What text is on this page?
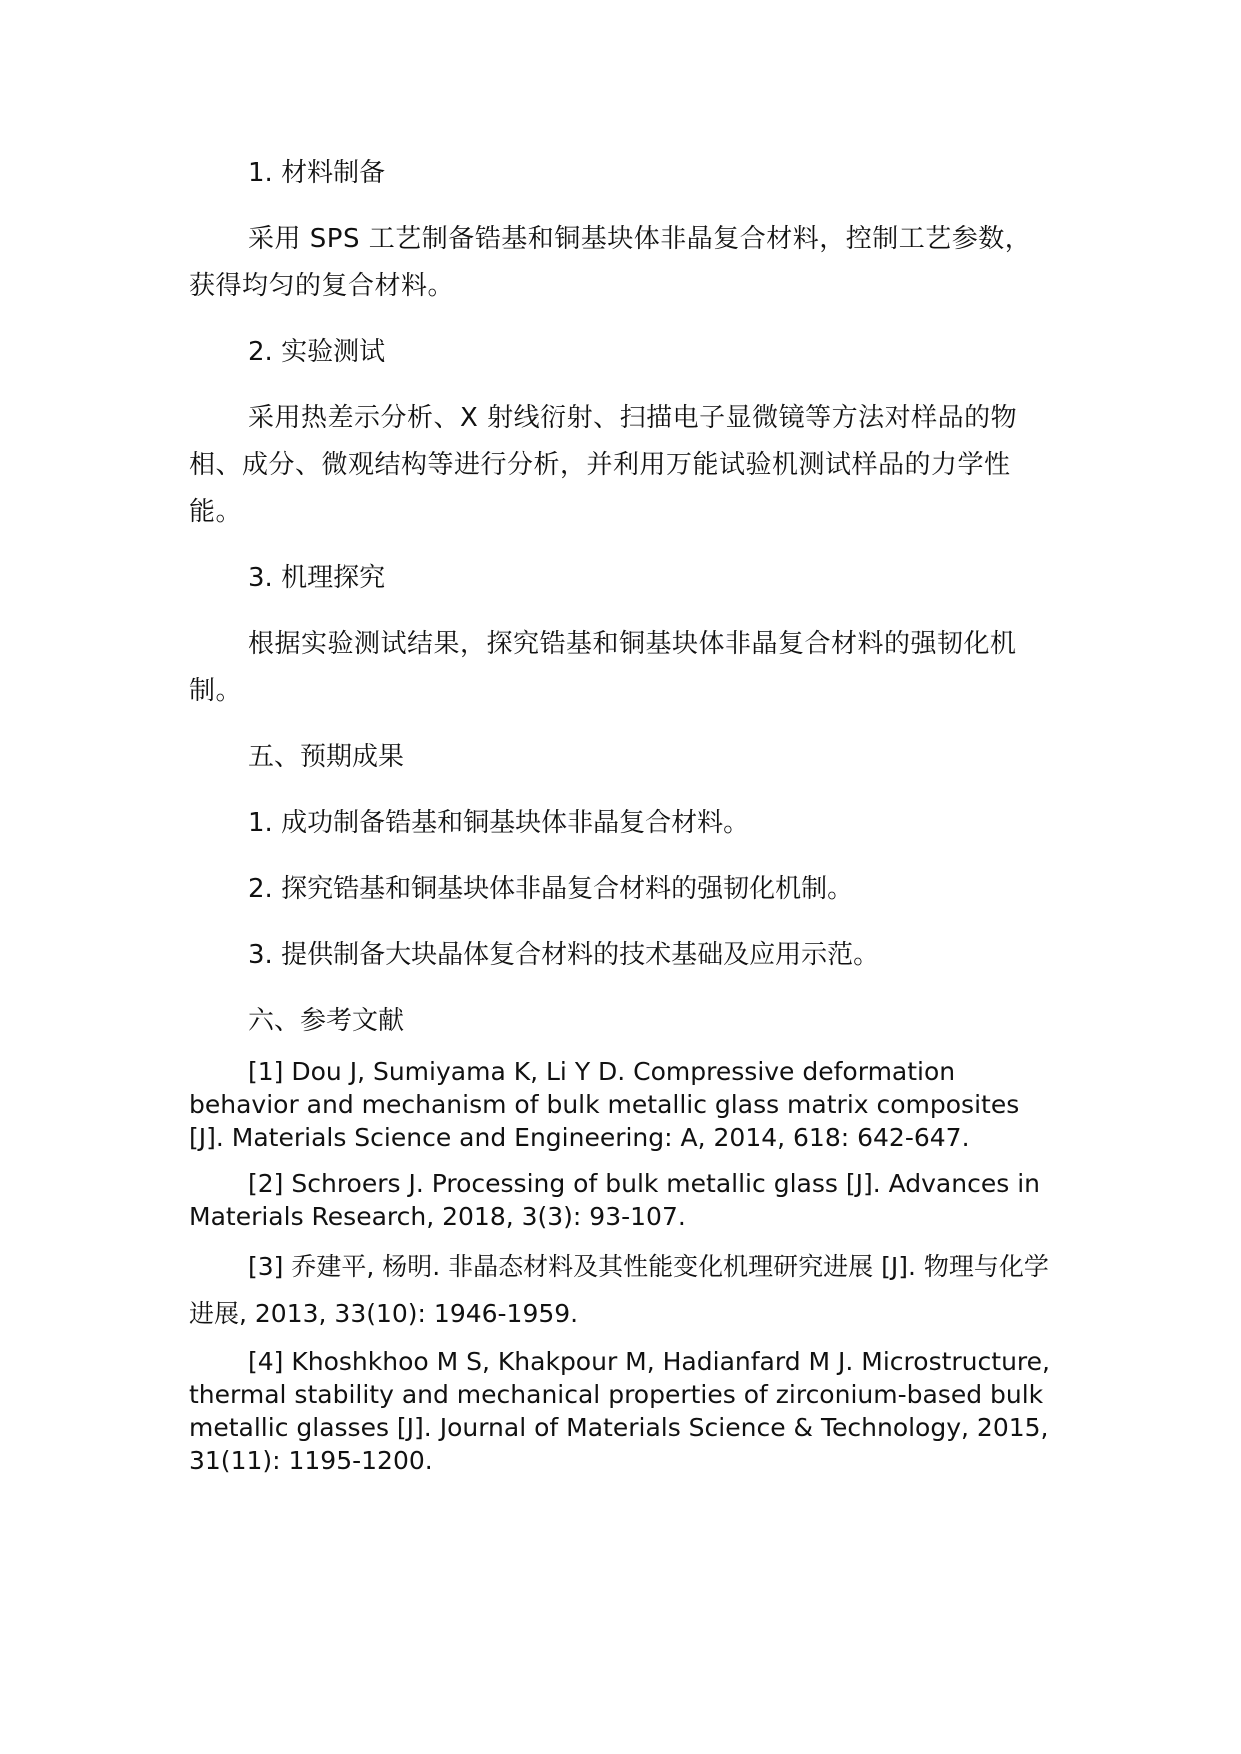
1. 材料制备

采用 SPS 工艺制备锆基和铜基块体非晶复合材料，控制工艺参数，获得均匀的复合材料。

2. 实验测试

采用热差示分析、X 射线衍射、扫描电子显微镜等方法对样品的物相、成分、微观结构等进行分析，并利用万能试验机测试样品的力学性能。

3. 机理探究

根据实验测试结果，探究锆基和铜基块体非晶复合材料的强韧化机制。

五、预期成果

1. 成功制备锆基和铜基块体非晶复合材料。

2. 探究锆基和铜基块体非晶复合材料的强韧化机制。

3. 提供制备大块晶体复合材料的技术基础及应用示范。

六、参考文献

[1] Dou J, Sumiyama K, Li Y D. Compressive deformation behavior and mechanism of bulk metallic glass matrix composites [J]. Materials Science and Engineering: A, 2014, 618: 642-647.

[2] Schroers J. Processing of bulk metallic glass [J]. Advances in Materials Research, 2018, 3(3): 93-107.

[3] 乔建平, 杨明. 非晶态材料及其性能变化机理研究进展 [J]. 物理与化学进展, 2013, 33(10): 1946-1959.

[4] Khoshkhoo M S, Khakpour M, Hadianfard M J. Microstructure, thermal stability and mechanical properties of zirconium-based bulk metallic glasses [J]. Journal of Materials Science & Technology, 2015, 31(11): 1195-1200.
